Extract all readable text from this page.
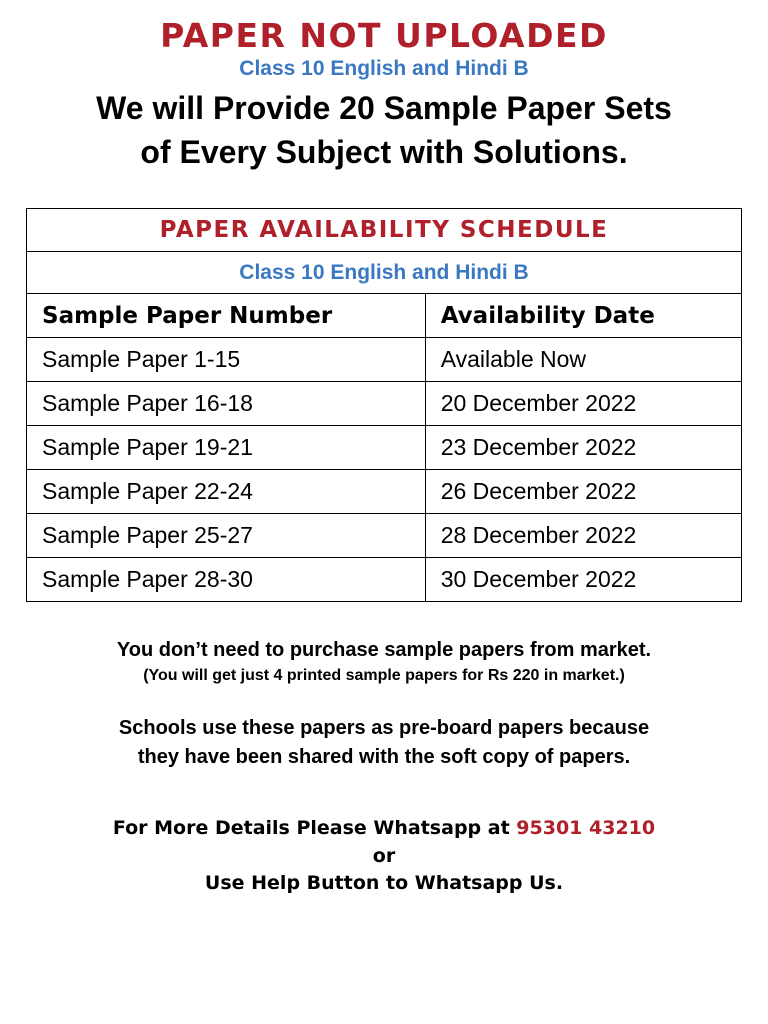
PAPER NOT UPLOADED
Class 10 English and Hindi B
We will Provide 20 Sample Paper Sets
of Every Subject with Solutions.
PAPER AVAILABILITY SCHEDULE	
Class 10 English and Hindi B	
Sample Paper Number	Availability Date
Sample Paper 1-15	Available Now
Sample Paper 16-18	20 December 2022
Sample Paper 19-21	23 December 2022
Sample Paper 22-24	26 December 2022
Sample Paper 25-27	28 December 2022
Sample Paper 28-30	30 December 2022
You don’t need to purchase sample papers from market.
(You will get just 4 printed sample papers for Rs 220 in market.)
Schools use these papers as pre-board papers because
they have been shared with the soft copy of papers.
For More Details Please Whatsapp at 95301 43210
or
Use Help Button to Whatsapp Us.
